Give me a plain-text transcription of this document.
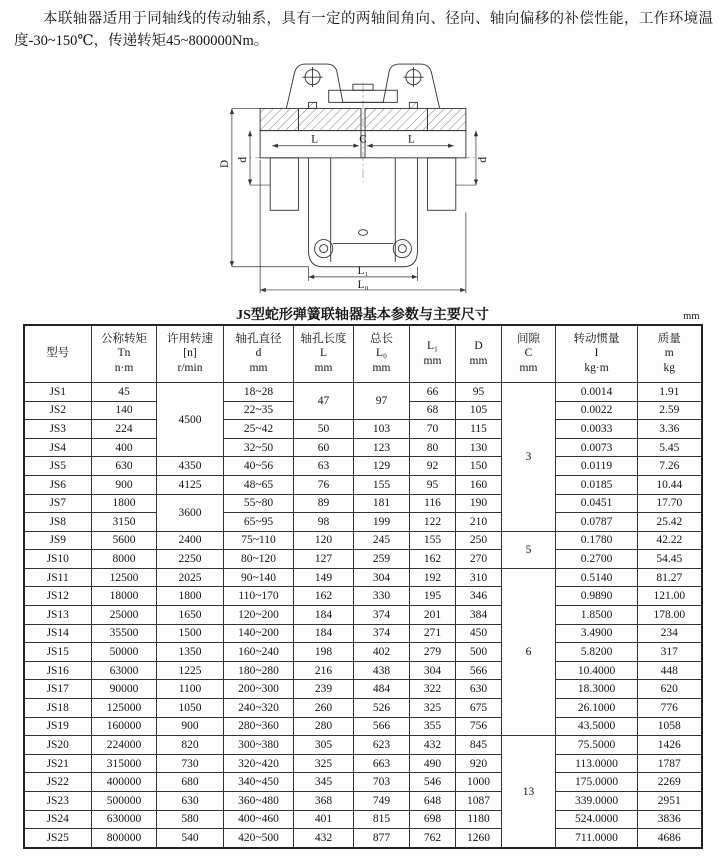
本联轴器适用于同轴线的传动轴系，具有一定的两轴间角向、径向、轴向偏移的补偿性能，工作环境温度-30~150℃，传递转矩45~800000Nm。

D
d	d
L	C	L
L₁
L₀
JS型蛇形弹簧联轴器基本参数与主要尺寸	mm
型号

公称转矩
Tn
n·m

许用转速
[n]
r/min

轴孔直径
d
mm

轴孔长度
L
mm

总长
L₀
mm

L₁
mm

D
mm

间隙
C
mm

转动惯量
I
kg·m

质量
m
kg

JS1	45	4500	18~28	47	97	66	95	3	0.0014	1.91
JS2	140		22~35			68	105		0.0022	2.59
JS3	224		25~42	50	103	70	115		0.0033	3.36
JS4	400		32~50	60	123	80	130		0.0073	5.45
JS5	630	4350	40~56	63	129	92	150		0.0119	7.26
JS6	900	4125	48~65	76	155	95	160		0.0185	10.44
JS7	1800	3600	55~80	89	181	116	190		0.0451	17.70
JS8	3150		65~95	98	199	122	210		0.0787	25.42
JS9	5600	2400	75~110	120	245	155	250	5	0.1780	42.22
JS10	8000	2250	80~120	127	259	162	270		0.2700	54.45
JS11	12500	2025	90~140	149	304	192	310	6	0.5140	81.27
JS12	18000	1800	110~170	162	330	195	346		0.9890	121.00
JS13	25000	1650	120~200	184	374	201	384		1.8500	178.00
JS14	35500	1500	140~200	184	374	271	450		3.4900	234
JS15	50000	1350	160~240	198	402	279	500		5.8200	317
JS16	63000	1225	180~280	216	438	304	566		10.4000	448
JS17	90000	1100	200~300	239	484	322	630		18.3000	620
JS18	125000	1050	240~320	260	526	325	675		26.1000	776
JS19	160000	900	280~360	280	566	355	756		43.5000	1058
JS20	224000	820	300~380	305	623	432	845	13	75.5000	1426
JS21	315000	730	320~420	325	663	490	920		113.0000	1787
JS22	400000	680	340~450	345	703	546	1000		175.0000	2269
JS23	500000	630	360~480	368	749	648	1087		339.0000	2951
JS24	630000	580	400~460	401	815	698	1180		524.0000	3836
JS25	800000	540	420~500	432	877	762	1260		711.0000	4686
